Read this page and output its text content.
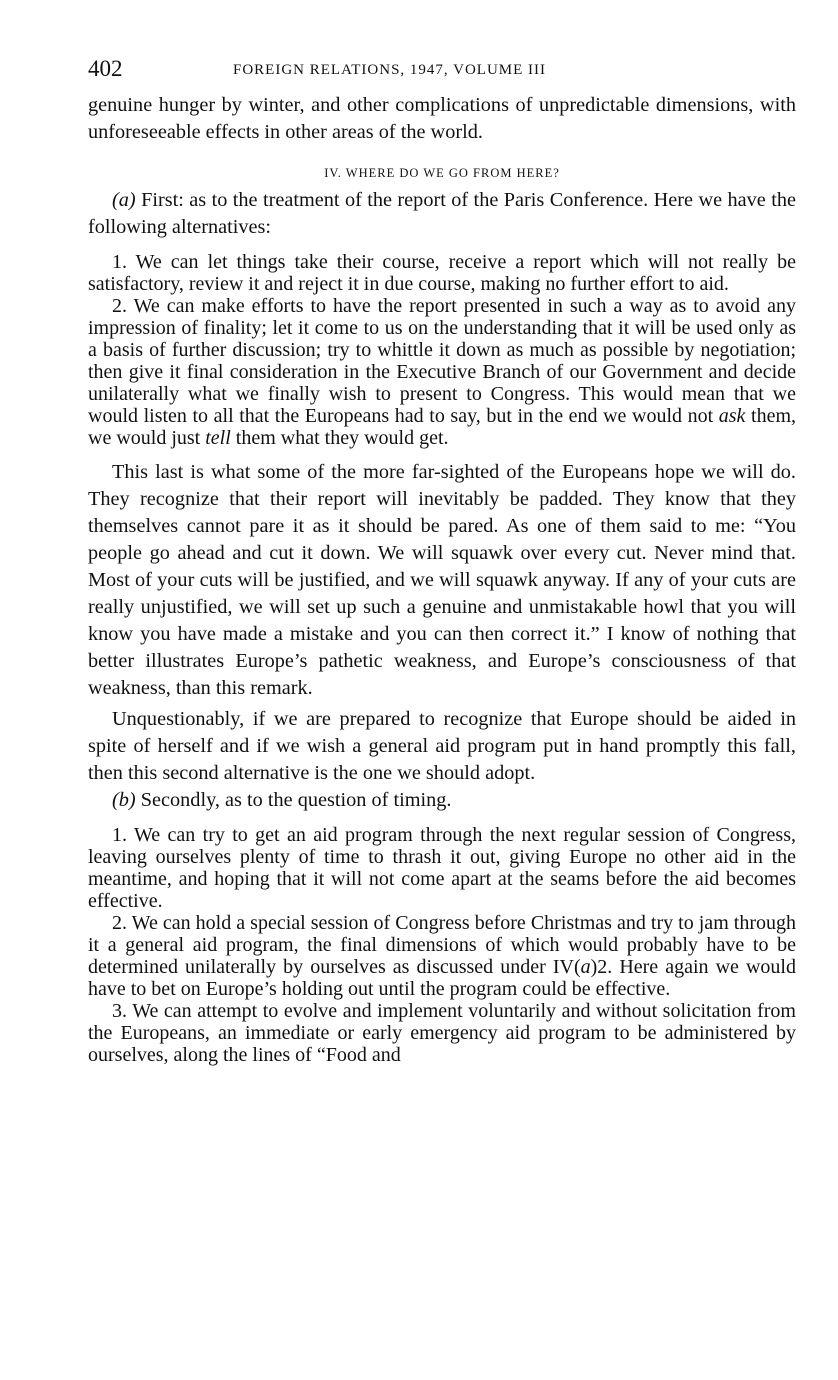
402	FOREIGN RELATIONS, 1947, VOLUME III

genuine hunger by winter, and other complications of unpredictable dimensions, with unforeseeable effects in other areas of the world.

IV. WHERE DO WE GO FROM HERE?

(a) First: as to the treatment of the report of the Paris Conference. Here we have the following alternatives:

1. We can let things take their course, receive a report which will not really be satisfactory, review it and reject it in due course, making no further effort to aid.

2. We can make efforts to have the report presented in such a way as to avoid any impression of finality; let it come to us on the understanding that it will be used only as a basis of further discussion; try to whittle it down as much as possible by negotiation; then give it final consideration in the Executive Branch of our Government and decide unilaterally what we finally wish to present to Congress. This would mean that we would listen to all that the Europeans had to say, but in the end we would not ask them, we would just tell them what they would get.

This last is what some of the more far-sighted of the Europeans hope we will do. They recognize that their report will inevitably be padded. They know that they themselves cannot pare it as it should be pared. As one of them said to me: “You people go ahead and cut it down. We will squawk over every cut. Never mind that. Most of your cuts will be justified, and we will squawk anyway. If any of your cuts are really unjustified, we will set up such a genuine and unmistakable howl that you will know you have made a mistake and you can then correct it.” I know of nothing that better illustrates Europe’s pathetic weakness, and Europe’s consciousness of that weakness, than this remark.

Unquestionably, if we are prepared to recognize that Europe should be aided in spite of herself and if we wish a general aid program put in hand promptly this fall, then this second alternative is the one we should adopt.

(b) Secondly, as to the question of timing.

1. We can try to get an aid program through the next regular session of Congress, leaving ourselves plenty of time to thrash it out, giving Europe no other aid in the meantime, and hoping that it will not come apart at the seams before the aid becomes effective.

2. We can hold a special session of Congress before Christmas and try to jam through it a general aid program, the final dimensions of which would probably have to be determined unilaterally by ourselves as discussed under IV(a)2. Here again we would have to bet on Europe’s holding out until the program could be effective.

3. We can attempt to evolve and implement voluntarily and without solicitation from the Europeans, an immediate or early emergency aid program to be administered by ourselves, along the lines of “Food and
